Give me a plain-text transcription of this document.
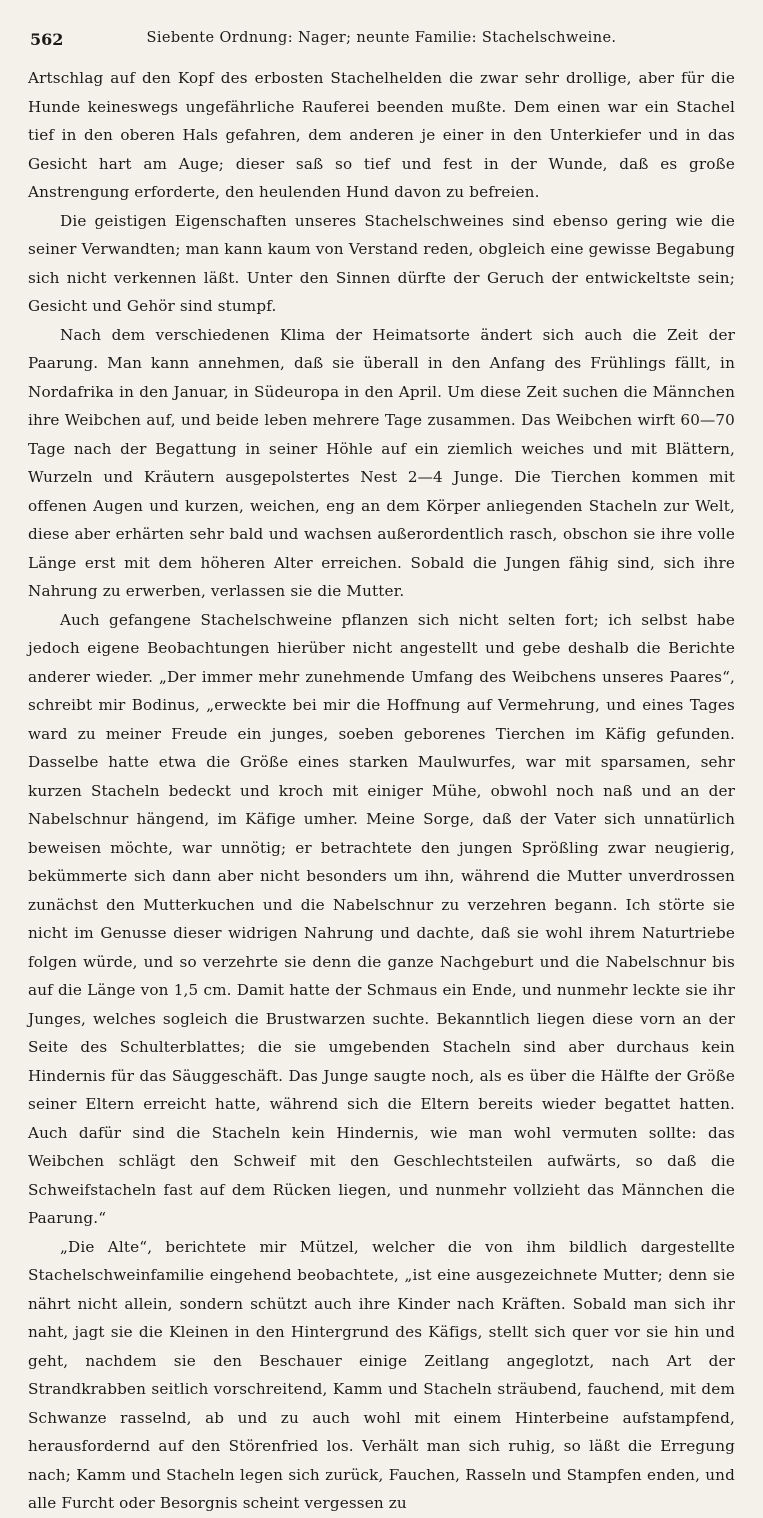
562	Siebente Ordnung: Nager; neunte Familie: Stachelschweine.

Artschlag auf den Kopf des erbosten Stachelhelden die zwar sehr drollige, aber für die Hunde keineswegs ungefährliche Rauferei beenden mußte. Dem einen war ein Stachel tief in den oberen Hals gefahren, dem anderen je einer in den Unterkiefer und in das Gesicht hart am Auge; dieser saß so tief und fest in der Wunde, daß es große Anstrengung erforderte, den heulenden Hund davon zu befreien.

Die geistigen Eigenschaften unseres Stachelschweines sind ebenso gering wie die seiner Verwandten; man kann kaum von Verstand reden, obgleich eine gewisse Begabung sich nicht verkennen läßt. Unter den Sinnen dürfte der Geruch der entwickeltste sein; Gesicht und Gehör sind stumpf.

Nach dem verschiedenen Klima der Heimatsorte ändert sich auch die Zeit der Paarung. Man kann annehmen, daß sie überall in den Anfang des Frühlings fällt, in Nordafrika in den Januar, in Südeuropa in den April. Um diese Zeit suchen die Männchen ihre Weibchen auf, und beide leben mehrere Tage zusammen. Das Weibchen wirft 60—70 Tage nach der Begattung in seiner Höhle auf ein ziemlich weiches und mit Blättern, Wurzeln und Kräutern ausgepolstertes Nest 2—4 Junge. Die Tierchen kommen mit offenen Augen und kurzen, weichen, eng an dem Körper anliegenden Stacheln zur Welt, diese aber erhärten sehr bald und wachsen außerordentlich rasch, obschon sie ihre volle Länge erst mit dem höheren Alter erreichen. Sobald die Jungen fähig sind, sich ihre Nahrung zu erwerben, verlassen sie die Mutter.

Auch gefangene Stachelschweine pflanzen sich nicht selten fort; ich selbst habe jedoch eigene Beobachtungen hierüber nicht angestellt und gebe deshalb die Berichte anderer wieder. „Der immer mehr zunehmende Umfang des Weibchens unseres Paares“, schreibt mir Bodinus, „erweckte bei mir die Hoffnung auf Vermehrung, und eines Tages ward zu meiner Freude ein junges, soeben geborenes Tierchen im Käfig gefunden. Dasselbe hatte etwa die Größe eines starken Maulwurfes, war mit sparsamen, sehr kurzen Stacheln bedeckt und kroch mit einiger Mühe, obwohl noch naß und an der Nabelschnur hängend, im Käfige umher. Meine Sorge, daß der Vater sich unnatürlich beweisen möchte, war unnötig; er betrachtete den jungen Sprößling zwar neugierig, bekümmerte sich dann aber nicht besonders um ihn, während die Mutter unverdrossen zunächst den Mutterkuchen und die Nabelschnur zu verzehren begann. Ich störte sie nicht im Genusse dieser widrigen Nahrung und dachte, daß sie wohl ihrem Naturtriebe folgen würde, und so verzehrte sie denn die ganze Nachgeburt und die Nabelschnur bis auf die Länge von 1,5 cm. Damit hatte der Schmaus ein Ende, und nunmehr leckte sie ihr Junges, welches sogleich die Brustwarzen suchte. Bekanntlich liegen diese vorn an der Seite des Schulterblattes; die sie umgebenden Stacheln sind aber durchaus kein Hindernis für das Säuggeschäft. Das Junge saugte noch, als es über die Hälfte der Größe seiner Eltern erreicht hatte, während sich die Eltern bereits wieder begattet hatten. Auch dafür sind die Stacheln kein Hindernis, wie man wohl vermuten sollte: das Weibchen schlägt den Schweif mit den Geschlechtsteilen aufwärts, so daß die Schweifstacheln fast auf dem Rücken liegen, und nunmehr vollzieht das Männchen die Paarung.“

„Die Alte“, berichtete mir Mützel, welcher die von ihm bildlich dargestellte Stachelschweinfamilie eingehend beobachtete, „ist eine ausgezeichnete Mutter; denn sie nährt nicht allein, sondern schützt auch ihre Kinder nach Kräften. Sobald man sich ihr naht, jagt sie die Kleinen in den Hintergrund des Käfigs, stellt sich quer vor sie hin und geht, nachdem sie den Beschauer einige Zeitlang angeglotzt, nach Art der Strandkrabben seitlich vorschreitend, Kamm und Stacheln sträubend, fauchend, mit dem Schwanze rasselnd, ab und zu auch wohl mit einem Hinterbeine aufstampfend, herausfordernd auf den Störenfried los. Verhält man sich ruhig, so läßt die Erregung nach; Kamm und Stacheln legen sich zurück, Fauchen, Rasseln und Stampfen enden, und alle Furcht oder Besorgnis scheint vergessen zu
